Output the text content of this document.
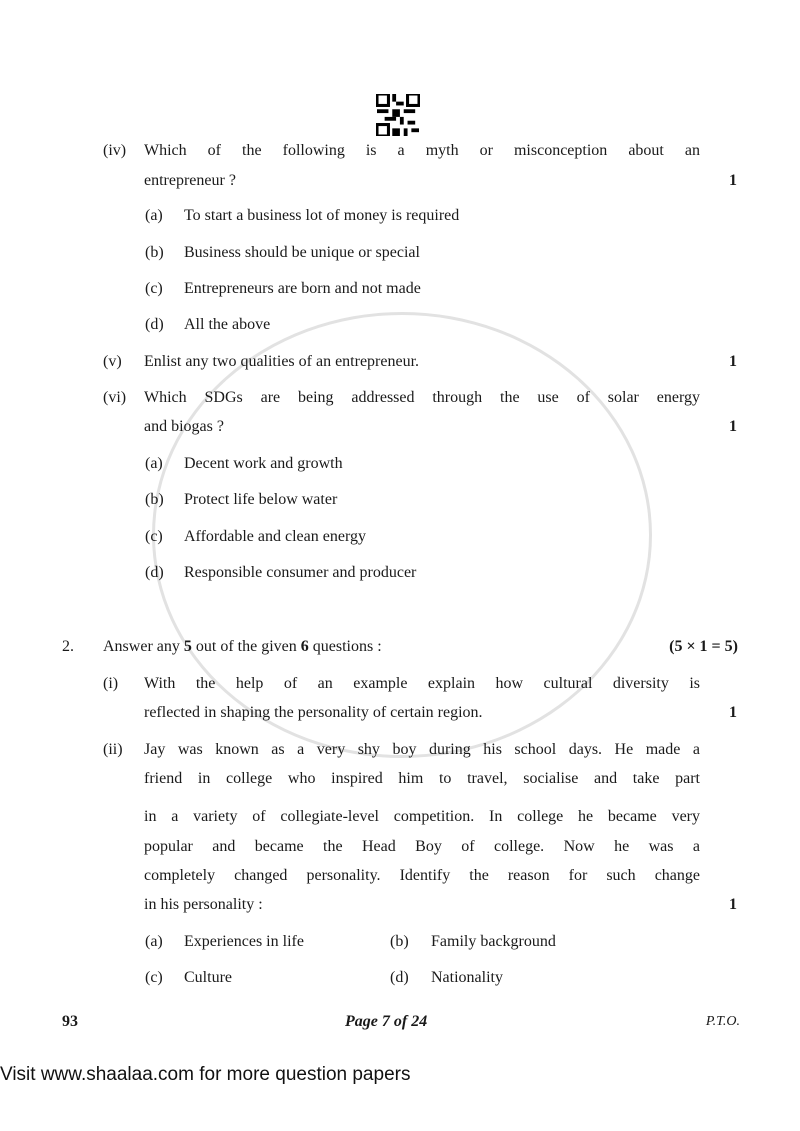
(iv) Which of the following is a myth or misconception about an
entrepreneur ?	1
(a) To start a business lot of money is required
(b) Business should be unique or special
(c) Entrepreneurs are born and not made
(d) All the above
(v) Enlist any two qualities of an entrepreneur.	1
(vi) Which SDGs are being addressed through the use of solar energy
and biogas ?	1
(a) Decent work and growth
(b) Protect life below water
(c) Affordable and clean energy
(d) Responsible consumer and producer
2. Answer any 5 out of the given 6 questions :	(5 × 1 = 5)
(i) With the help of an example explain how cultural diversity is
reflected in shaping the personality of certain region.	1
(ii) Jay was known as a very shy boy during his school days. He made a
friend in college who inspired him to travel, socialise and take part
in a variety of collegiate-level competition. In college he became very
popular and became the Head Boy of college. Now he was a
completely changed personality. Identify the reason for such change
in his personality :	1
(a) Experiences in life	(b) Family background
(c) Culture	(d) Nationality
93	Page 7 of 24	P.T.O.
Visit www.shaalaa.com for more question papers
